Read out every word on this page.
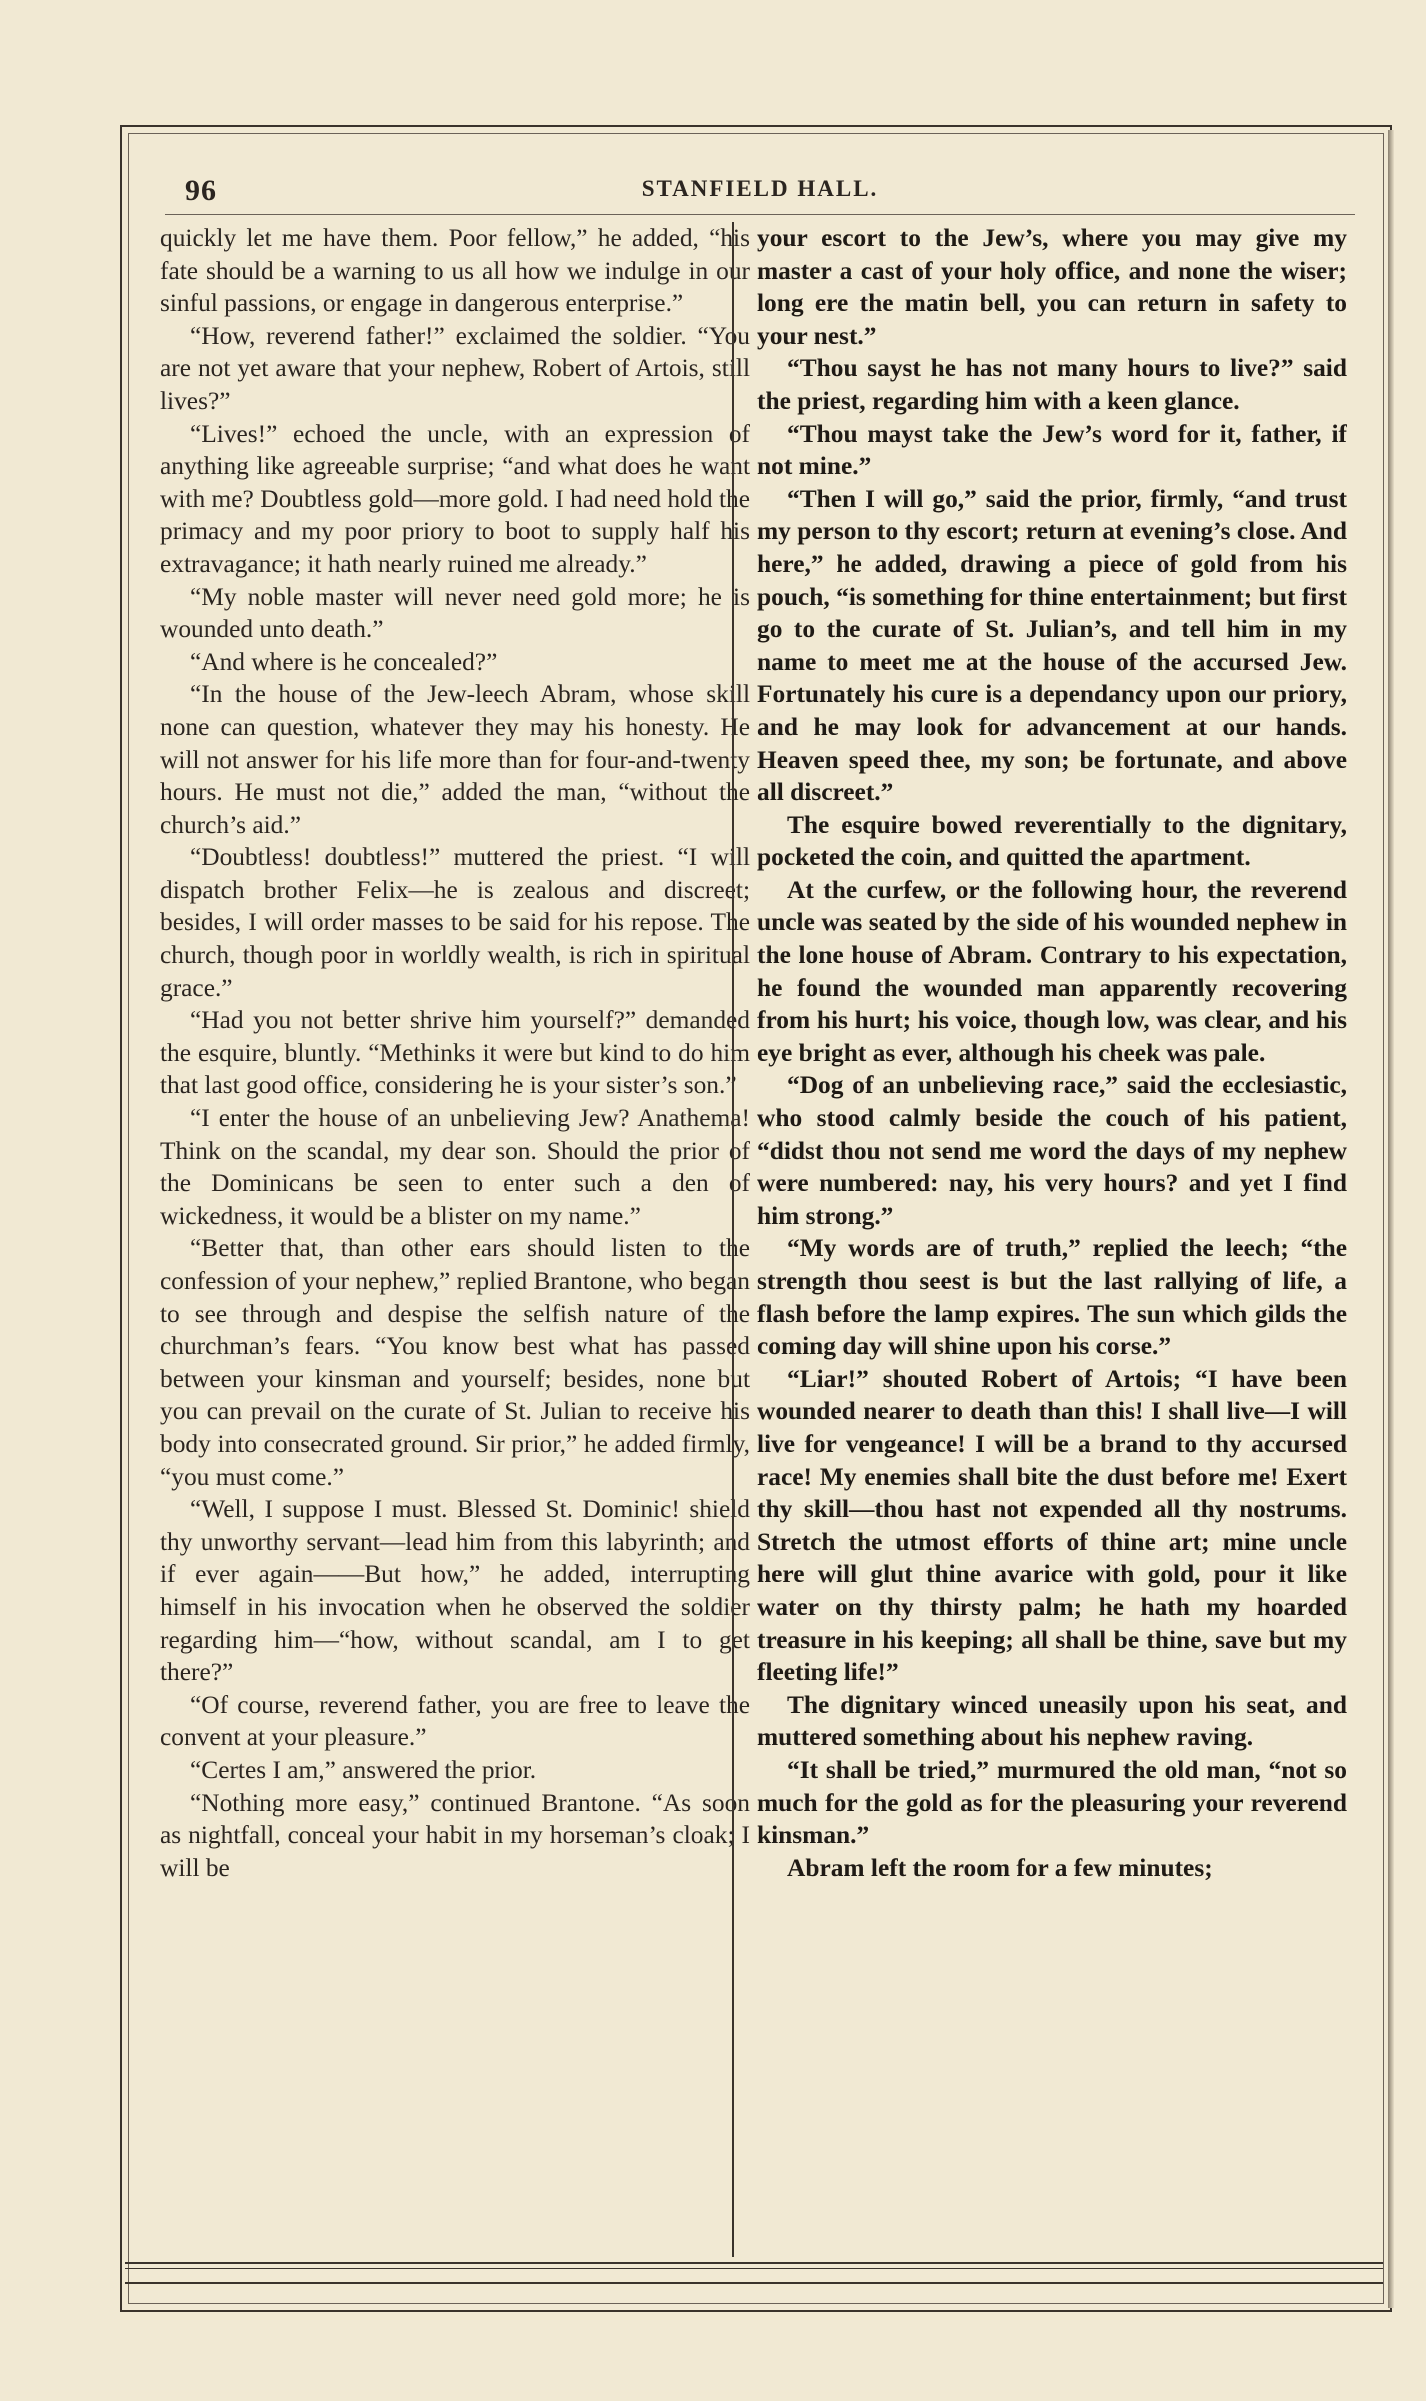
96	STANFIELD HALL.

quickly let me have them. Poor fellow,” he added, “his fate should be a warning to us all how we indulge in our sinful passions, or engage in dangerous enterprise.”

“How, reverend father!” exclaimed the soldier. “You are not yet aware that your nephew, Robert of Artois, still lives?”

“Lives!” echoed the uncle, with an expression of anything like agreeable surprise; “and what does he want with me? Doubtless gold—more gold. I had need hold the primacy and my poor priory to boot to supply half his extravagance; it hath nearly ruined me already.”

“My noble master will never need gold more; he is wounded unto death.”

“And where is he concealed?”

“In the house of the Jew-leech Abram, whose skill none can question, whatever they may his honesty. He will not answer for his life more than for four-and-twenty hours. He must not die,” added the man, “without the church’s aid.”

“Doubtless! doubtless!” muttered the priest. “I will dispatch brother Felix—he is zealous and discreet; besides, I will order masses to be said for his repose. The church, though poor in worldly wealth, is rich in spiritual grace.”

“Had you not better shrive him yourself?” demanded the esquire, bluntly. “Methinks it were but kind to do him that last good office, considering he is your sister’s son.”

“I enter the house of an unbelieving Jew? Anathema! Think on the scandal, my dear son. Should the prior of the Dominicans be seen to enter such a den of wickedness, it would be a blister on my name.”

“Better that, than other ears should listen to the confession of your nephew,” replied Brantone, who began to see through and despise the selfish nature of the churchman’s fears. “You know best what has passed between your kinsman and yourself; besides, none but you can prevail on the curate of St. Julian to receive his body into consecrated ground. Sir prior,” he added firmly, “you must come.”

“Well, I suppose I must. Blessed St. Dominic! shield thy unworthy servant—lead him from this labyrinth; and if ever again——But how,” he added, interrupting himself in his invocation when he observed the soldier regarding him—“how, without scandal, am I to get there?”

“Of course, reverend father, you are free to leave the convent at your pleasure.”

“Certes I am,” answered the prior.

“Nothing more easy,” continued Brantone. “As soon as nightfall, conceal your habit in my horseman’s cloak; I will be

your escort to the Jew’s, where you may give my master a cast of your holy office, and none the wiser; long ere the matin bell, you can return in safety to your nest.”

“Thou sayst he has not many hours to live?” said the priest, regarding him with a keen glance.

“Thou mayst take the Jew’s word for it, father, if not mine.”

“Then I will go,” said the prior, firmly, “and trust my person to thy escort; return at evening’s close. And here,” he added, drawing a piece of gold from his pouch, “is something for thine entertainment; but first go to the curate of St. Julian’s, and tell him in my name to meet me at the house of the accursed Jew. Fortunately his cure is a dependancy upon our priory, and he may look for advancement at our hands. Heaven speed thee, my son; be fortunate, and above all discreet.”

The esquire bowed reverentially to the dignitary, pocketed the coin, and quitted the apartment.

At the curfew, or the following hour, the reverend uncle was seated by the side of his wounded nephew in the lone house of Abram. Contrary to his expectation, he found the wounded man apparently recovering from his hurt; his voice, though low, was clear, and his eye bright as ever, although his cheek was pale.

“Dog of an unbelieving race,” said the ecclesiastic, who stood calmly beside the couch of his patient, “didst thou not send me word the days of my nephew were numbered: nay, his very hours? and yet I find him strong.”

“My words are of truth,” replied the leech; “the strength thou seest is but the last rallying of life, a flash before the lamp expires. The sun which gilds the coming day will shine upon his corse.”

“Liar!” shouted Robert of Artois; “I have been wounded nearer to death than this! I shall live—I will live for vengeance! I will be a brand to thy accursed race! My enemies shall bite the dust before me! Exert thy skill—thou hast not expended all thy nostrums. Stretch the utmost efforts of thine art; mine uncle here will glut thine avarice with gold, pour it like water on thy thirsty palm; he hath my hoarded treasure in his keeping; all shall be thine, save but my fleeting life!”

The dignitary winced uneasily upon his seat, and muttered something about his nephew raving.

“It shall be tried,” murmured the old man, “not so much for the gold as for the pleasuring your reverend kinsman.”

Abram left the room for a few minutes;
